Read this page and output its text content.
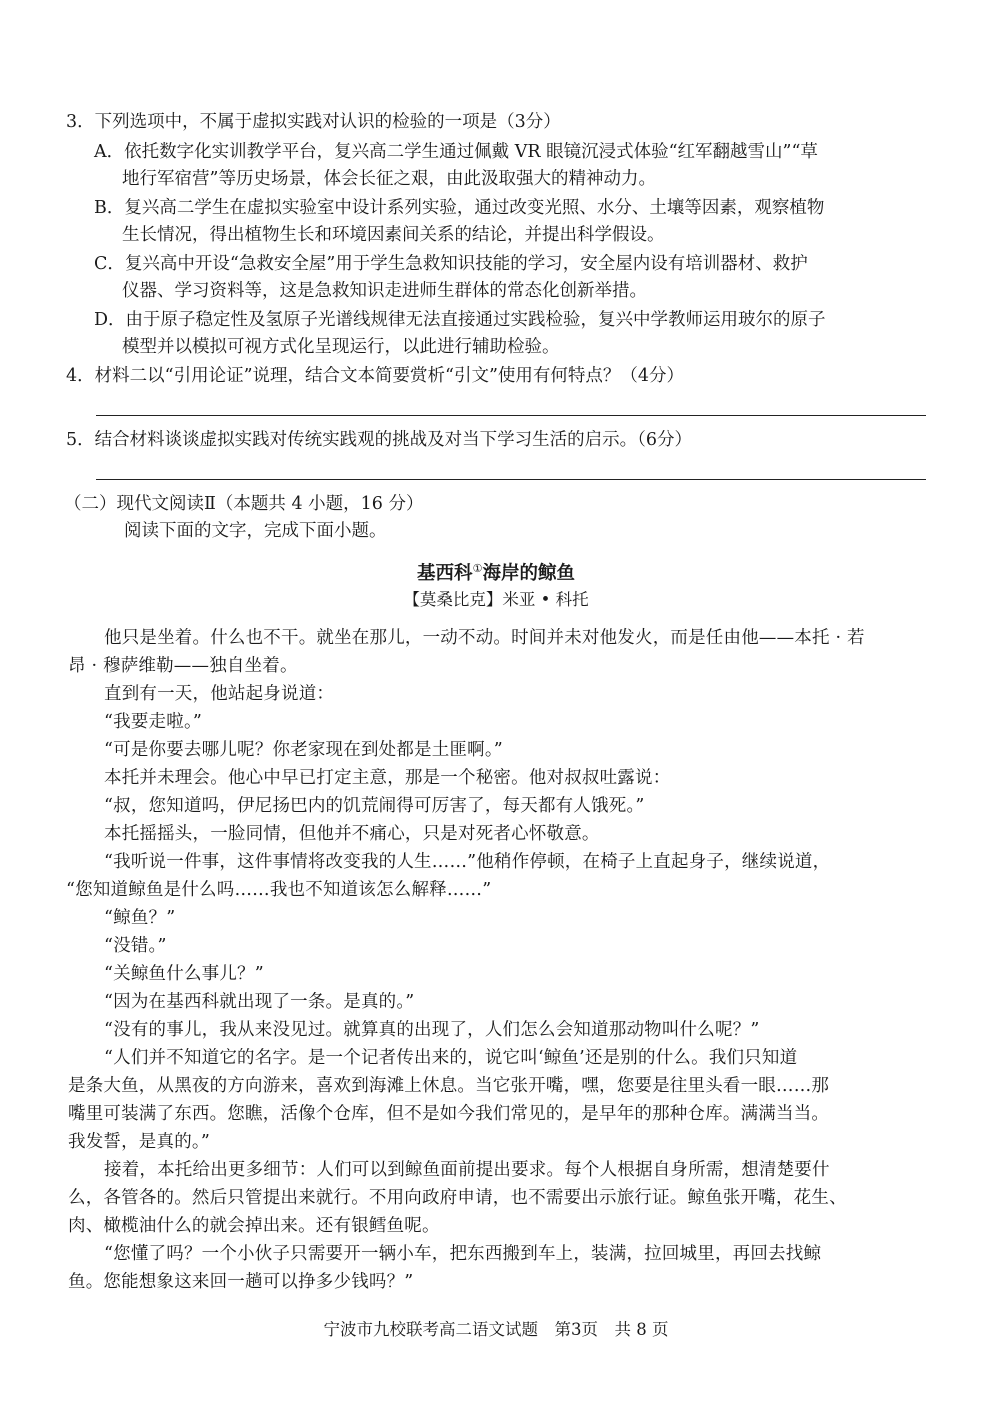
3．下列选项中，不属于虚拟实践对认识的检验的一项是（3分）
A．依托数字化实训教学平台，复兴高二学生通过佩戴 VR 眼镜沉浸式体验“红军翻越雪山”“草
地行军宿营”等历史场景，体会长征之艰，由此汲取强大的精神动力。
B．复兴高二学生在虚拟实验室中设计系列实验，通过改变光照、水分、土壤等因素，观察植物
生长情况，得出植物生长和环境因素间关系的结论，并提出科学假设。
C．复兴高中开设“急救安全屋”用于学生急救知识技能的学习，安全屋内设有培训器材、救护
仪器、学习资料等，这是急救知识走进师生群体的常态化创新举措。
D．由于原子稳定性及氢原子光谱线规律无法直接通过实践检验，复兴中学教师运用玻尔的原子
模型并以模拟可视方式化呈现运行，以此进行辅助检验。
4．材料二以“引用论证”说理，结合文本简要赏析“引文”使用有何特点？（4分）
5．结合材料谈谈虚拟实践对传统实践观的挑战及对当下学习生活的启示。（6分）
（二）现代文阅读Ⅱ（本题共 4 小题，16 分）
阅读下面的文字，完成下面小题。
基西科①海岸的鲸鱼
【莫桑比克】米亚 • 科托
他只是坐着。什么也不干。就坐在那儿，一动不动。时间并未对他发火，而是任由他——本托 · 若
昂 · 穆萨维勒——独自坐着。
直到有一天，他站起身说道：
“我要走啦。”
“可是你要去哪儿呢？你老家现在到处都是土匪啊。”
本托并未理会。他心中早已打定主意，那是一个秘密。他对叔叔吐露说：
“叔，您知道吗，伊尼扬巴内的饥荒闹得可厉害了，每天都有人饿死。”
本托摇摇头，一脸同情，但他并不痛心，只是对死者心怀敬意。
“我听说一件事，这件事情将改变我的人生……”他稍作停顿，在椅子上直起身子，继续说道，
“您知道鲸鱼是什么吗……我也不知道该怎么解释……”
“鲸鱼？”
“没错。”
“关鲸鱼什么事儿？”
“因为在基西科就出现了一条。是真的。”
“没有的事儿，我从来没见过。就算真的出现了，人们怎么会知道那动物叫什么呢？”
“人们并不知道它的名字。是一个记者传出来的，说它叫‘鲸鱼’还是别的什么。我们只知道
是条大鱼，从黑夜的方向游来，喜欢到海滩上休息。当它张开嘴，嘿，您要是往里头看一眼……那
嘴里可装满了东西。您瞧，活像个仓库，但不是如今我们常见的，是早年的那种仓库。满满当当。
我发誓，是真的。”
接着，本托给出更多细节：人们可以到鲸鱼面前提出要求。每个人根据自身所需，想清楚要什
么，各管各的。然后只管提出来就行。不用向政府申请，也不需要出示旅行证。鲸鱼张开嘴，花生、
肉、橄榄油什么的就会掉出来。还有银鳕鱼呢。
“您懂了吗？一个小伙子只需要开一辆小车，把东西搬到车上，装满，拉回城里，再回去找鲸
鱼。您能想象这来回一趟可以挣多少钱吗？”
宁波市九校联考高二语文试题　第3页　共 8 页
